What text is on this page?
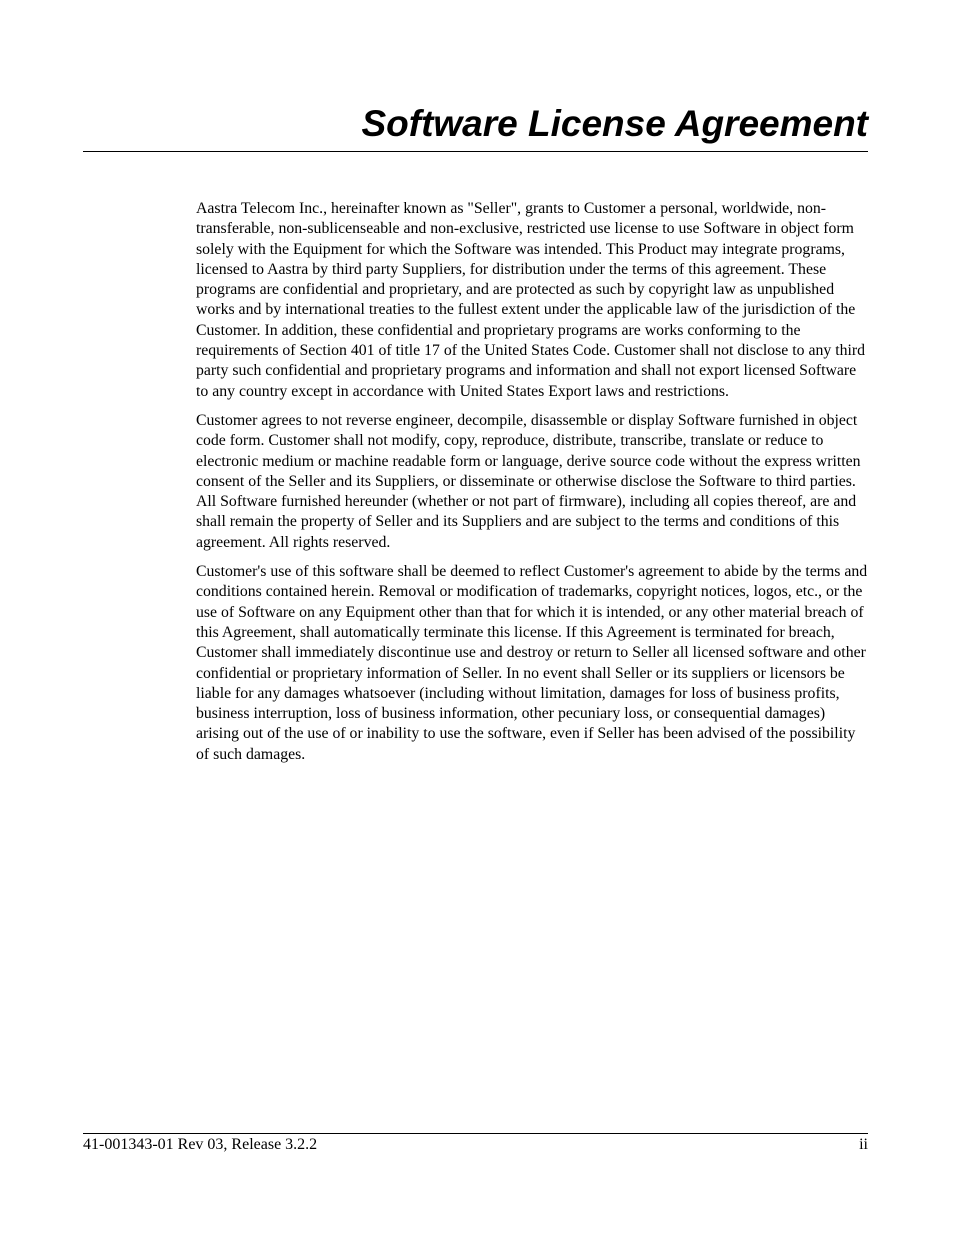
Software License Agreement

Aastra Telecom Inc., hereinafter known as "Seller", grants to Customer a personal, worldwide, non-transferable, non-sublicenseable and non-exclusive, restricted use license to use Software in object form solely with the Equipment for which the Software was intended. This Product may integrate programs, licensed to Aastra by third party Suppliers, for distribution under the terms of this agreement. These programs are confidential and proprietary, and are protected as such by copyright law as unpublished works and by international treaties to the fullest extent under the applicable law of the jurisdiction of the Customer. In addition, these confidential and proprietary programs are works conforming to the requirements of Section 401 of title 17 of the United States Code. Customer shall not disclose to any third party such confidential and proprietary programs and information and shall not export licensed Software to any country except in accordance with United States Export laws and restrictions.

Customer agrees to not reverse engineer, decompile, disassemble or display Software furnished in object code form. Customer shall not modify, copy, reproduce, distribute, transcribe, translate or reduce to electronic medium or machine readable form or language, derive source code without the express written consent of the Seller and its Suppliers, or disseminate or otherwise disclose the Software to third parties. All Software furnished hereunder (whether or not part of firmware), including all copies thereof, are and shall remain the property of Seller and its Suppliers and are subject to the terms and conditions of this agreement. All rights reserved.

Customer's use of this software shall be deemed to reflect Customer's agreement to abide by the terms and conditions contained herein. Removal or modification of trademarks, copyright notices, logos, etc., or the use of Software on any Equipment other than that for which it is intended, or any other material breach of this Agreement, shall automatically terminate this license. If this Agreement is terminated for breach, Customer shall immediately discontinue use and destroy or return to Seller all licensed software and other confidential or proprietary information of Seller. In no event shall Seller or its suppliers or licensors be liable for any damages whatsoever (including without limitation, damages for loss of business profits, business interruption, loss of business information, other pecuniary loss, or consequential damages) arising out of the use of or inability to use the software, even if Seller has been advised of the possibility of such damages.

41-001343-01 Rev 03, Release 3.2.2	ii
